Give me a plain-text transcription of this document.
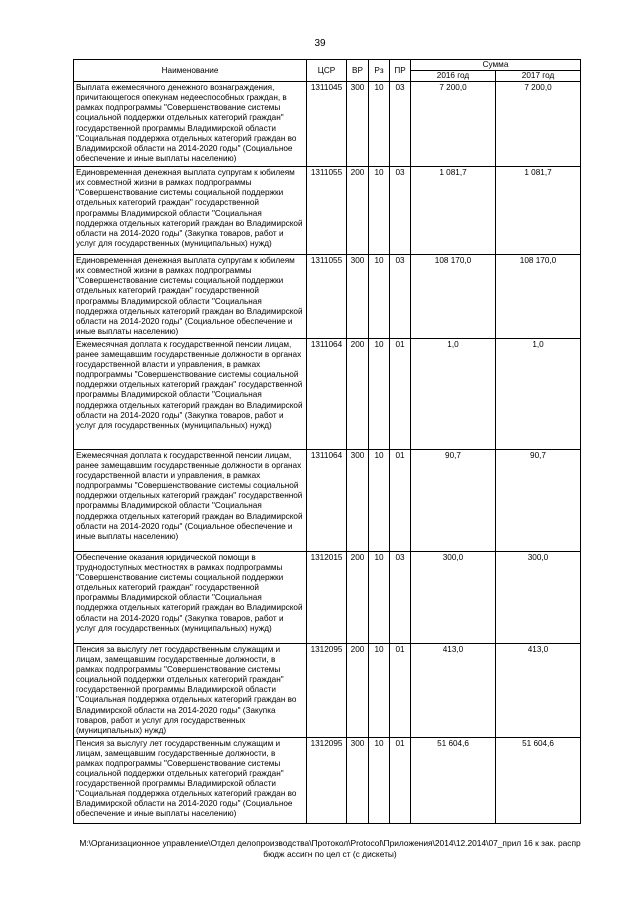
39
Наименование	ЦСР	ВР	Рз	ПР	Сумма	
					2016 год	2017 год
Выплата ежемесячного денежного вознаграждения, причитающегося опекунам недееспособных граждан, в рамках подпрограммы "Совершенствование системы социальной поддержки отдельных категорий граждан" государственной программы Владимирской области "Социальная поддержка отдельных категорий граждан во Владимирской области на 2014-2020 годы" (Социальное обеспечение и иные выплаты населению)	1311045	300	10	03	7 200,0	7 200,0
Единовременная денежная выплата супругам к юбилеям их совместной жизни в рамках подпрограммы "Совершенствование системы социальной поддержки отдельных категорий граждан" государственной программы Владимирской области "Социальная поддержка отдельных категорий граждан во Владимирской области на 2014-2020 годы" (Закупка товаров, работ и услуг для государственных (муниципальных) нужд)	1311055	200	10	03	1 081,7	1 081,7
Единовременная денежная выплата супругам к юбилеям их совместной жизни в рамках подпрограммы "Совершенствование системы социальной поддержки отдельных категорий граждан" государственной программы Владимирской области "Социальная поддержка отдельных категорий граждан во Владимирской области на 2014-2020 годы" (Социальное обеспечение и иные выплаты населению)	1311055	300	10	03	108 170,0	108 170,0
Ежемесячная доплата к государственной пенсии лицам, ранее замещавшим государственные должности в органах государственной власти и управления, в рамках подпрограммы "Совершенствование системы социальной поддержки отдельных категорий граждан" государственной программы Владимирской области "Социальная поддержка отдельных категорий граждан во Владимирской области на 2014-2020 годы" (Закупка товаров, работ и услуг для государственных (муниципальных) нужд)	1311064	200	10	01	1,0	1,0
Ежемесячная доплата к государственной пенсии лицам, ранее замещавшим государственные должности в органах государственной власти и управления, в рамках подпрограммы "Совершенствование системы социальной поддержки отдельных категорий граждан" государственной программы Владимирской области "Социальная поддержка отдельных категорий граждан во Владимирской области на 2014-2020 годы" (Социальное обеспечение и иные выплаты населению)	1311064	300	10	01	90,7	90,7
Обеспечение оказания юридической помощи в труднодоступных местностях в рамках подпрограммы "Совершенствование системы социальной поддержки отдельных категорий граждан" государственной программы Владимирской области "Социальная поддержка отдельных категорий граждан во Владимирской области на 2014-2020 годы" (Закупка товаров, работ и услуг для государственных (муниципальных) нужд)	1312015	200	10	03	300,0	300,0
Пенсия за выслугу лет государственным служащим и лицам, замещавшим государственные должности, в рамках подпрограммы "Совершенствование системы социальной поддержки отдельных категорий граждан" государственной программы Владимирской области "Социальная поддержка отдельных категорий граждан во Владимирской области на 2014-2020 годы" (Закупка товаров, работ и услуг для государственных (муниципальных) нужд)	1312095	200	10	01	413,0	413,0
Пенсия за выслугу лет государственным служащим и лицам, замещавшим государственные должности, в рамках подпрограммы "Совершенствование системы социальной поддержки отдельных категорий граждан" государственной программы Владимирской области "Социальная поддержка отдельных категорий граждан во Владимирской области на 2014-2020 годы" (Социальное обеспечение и иные выплаты населению)	1312095	300	10	01	51 604,6	51 604,6
М:\Организационное управление\Отдел делопроизводства\Протокол\Protocol\Приложения\2014\12.2014\07_прил 16 к зак. распр
бюдж ассигн по цел ст (с дискеты)
